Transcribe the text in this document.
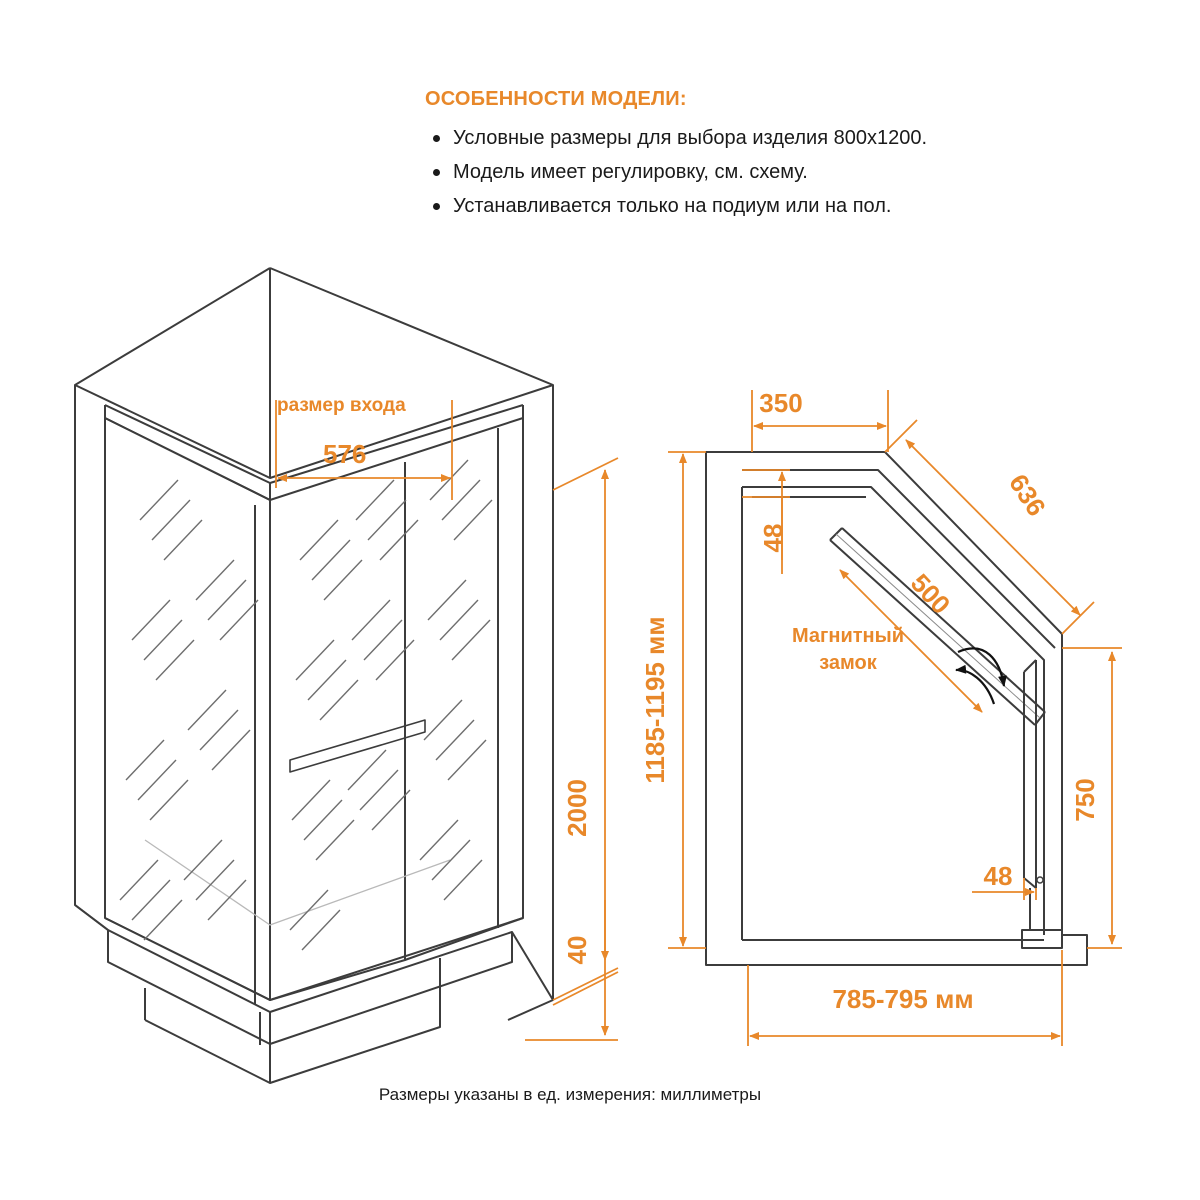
ОСОБЕННОСТИ МОДЕЛИ:
Условные размеры для выбора изделия 800x1200.
Модель имеет регулировку, см. схему.
Устанавливается только на подиум или на пол.
размер входа
576
2000
40
350
636
500
48
48
750
1185-1195 мм
785-795 мм
Магнитный
замок
Размеры указаны в ед. измерения: миллиметры
